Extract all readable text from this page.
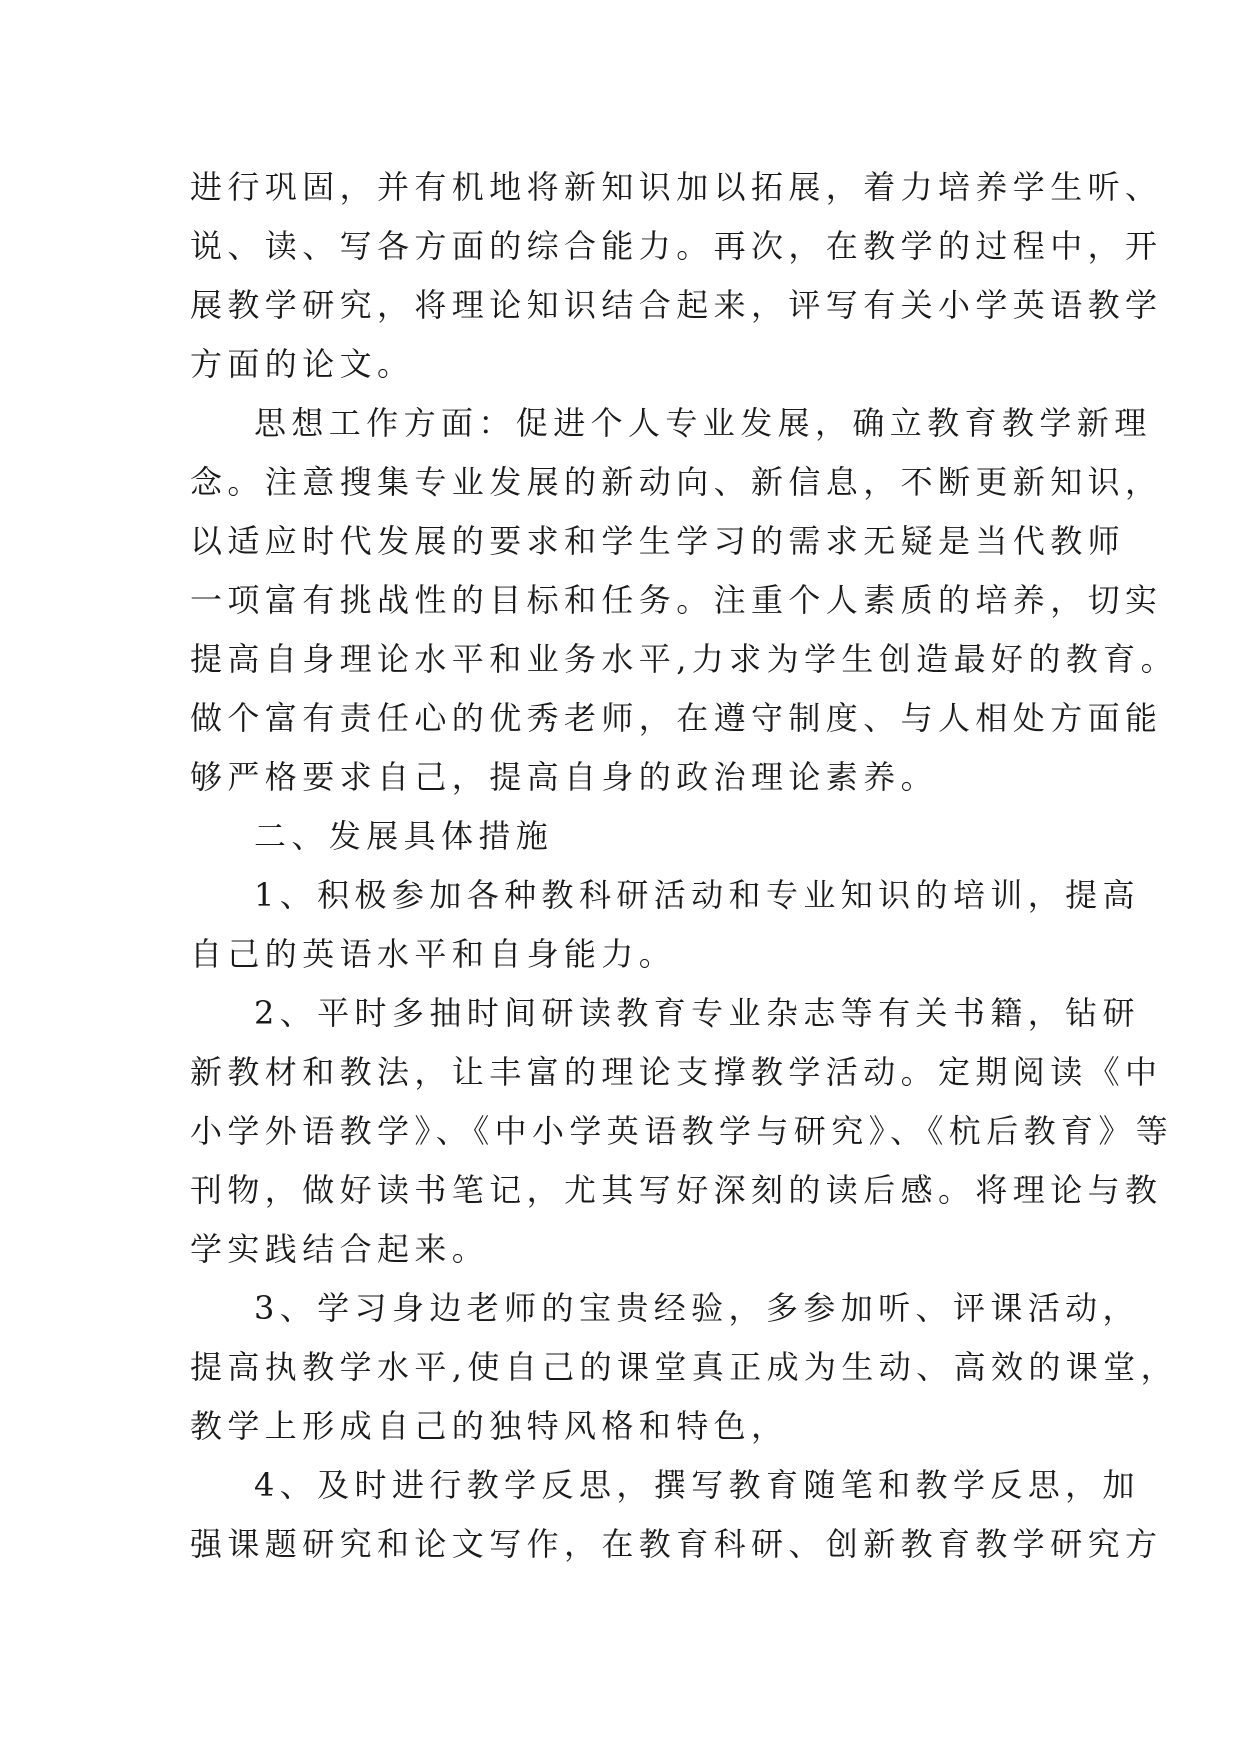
进行巩固，并有机地将新知识加以拓展，着力培养学生听、
说、读、写各方面的综合能力。再次，在教学的过程中，开
展教学研究，将理论知识结合起来，评写有关小学英语教学
方面的论文。
思想工作方面：促进个人专业发展，确立教育教学新理
念。注意搜集专业发展的新动向、新信息，不断更新知识，
以适应时代发展的要求和学生学习的需求无疑是当代教师
一项富有挑战性的目标和任务。注重个人素质的培养，切实
提高自身理论水平和业务水平,力求为学生创造最好的教育。
做个富有责任心的优秀老师，在遵守制度、与人相处方面能
够严格要求自己，提高自身的政治理论素养。
二、发展具体措施
1、积极参加各种教科研活动和专业知识的培训，提高
自己的英语水平和自身能力。
2、平时多抽时间研读教育专业杂志等有关书籍，钻研
新教材和教法，让丰富的理论支撑教学活动。定期阅读《中
小学外语教学》、《中小学英语教学与研究》、《杭后教育》等
刊物，做好读书笔记，尤其写好深刻的读后感。将理论与教
学实践结合起来。
3、学习身边老师的宝贵经验，多参加听、评课活动，
提高执教学水平,使自己的课堂真正成为生动、高效的课堂，
教学上形成自己的独特风格和特色，
4、及时进行教学反思，撰写教育随笔和教学反思，加
强课题研究和论文写作，在教育科研、创新教育教学研究方
